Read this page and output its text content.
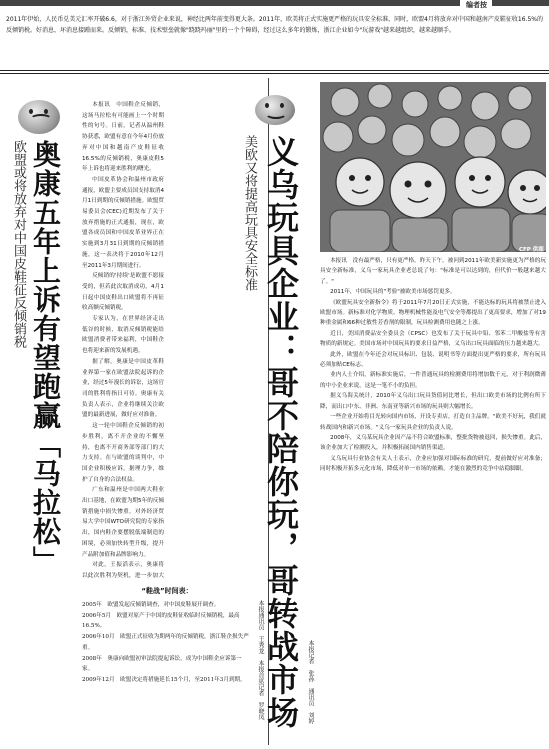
编者按
2011年伊始，人民币兑美元汇率开破6.6，对于浙江外贸企业来说，神经比两年前变得更大条。2011年，欧美将正式实施更严格的玩具安全标准，同时，欧盟4月将放弃对中国和越南产皮鞋征收16.5%的反倾销税。好消息，坏消息接踵而来。反倾销，标准、技术壁垒就像"跷跷玛丽"里的一个个障碍，经过这么多年的锻炼，浙江企业如今"玩游戏"越来越组织，越来越顺手。
欧盟或将放弃对中国皮鞋征反倾销税 奥康五年上诉有望跑赢「马拉松」

本报讯　中国鞋企反倾销，这场马拉松有可能画上一个时期性的句号。日前，记者从温州鞋协获悉，欧盟有意在今年4月份放弃对中国和越南产皮鞋征收16.5%的反倾销税，奥康皮鞋5年上诉也将迎来胜利的曙光。

中国皮革协会和温州市政府通报，欧盟主要成员国支持取消4月1日到期的反倾销措施。欧盟贸易委员会(CEC)近期发布了关于放弃措施的正式通报，现在，欧盟各成员国和中国皮革业界正在实施到3月31日到期的反倾销措施，这一表决将于2010年12月至2011年3月期间进行。

反倾销的'持续'是欧盟不愿接受的，但若此次取消成功，4月1日起中国皮鞋出口欧盟将不再征收高额反倾销税。

专家认为，在世界经济走出低谷的时候，取消反倾销税能给欧盟消费者带来福利，中国鞋企也将迎来新的发展机遇。

据了解，奥康是中国皮革鞋业界第一家在欧盟法院起诉的企业，经过5年漫长的诉讼，这场官司的胜利将指日可待。奥康有关负责人表示，企业将继续关注欧盟的最新进展，做好应对准备。

这一轮中国鞋企反倾销的初步胜利，离不开企业的不懈坚持，也离不开商务部等部门的大力支持。在与欧盟的谈判中，中国企业积极应诉，据理力争，维护了自身的合法权益。

广东和温州是中国两大鞋业出口基地，在欧盟为期5年的反倾销措施中损失惨重。对外经济贸易大学中国WTO研究院的专家指出，国内鞋企要摆脱低端制造的困境，必须加快转型升级，提升产品附加值和品牌影响力。

对此，王振滔表示，奥康将以此次胜利为契机，进一步加大

“鞋战”时间表：

2005年　欧盟发起反倾销调查，对中国皮鞋展开调查。

2006年5月　欧盟对原产于中国的皮鞋征收临时反倾销税，最高16.5%。

2006年10月　欧盟正式征收为期两年的反倾销税，浙江鞋企损失严重。

2008年　奥康向欧盟初审法院提起诉讼，成为中国鞋企应诉第一家。

2009年12月　欧盟决定将措施延长15个月，至2011年3月到期。	本报通讯员　王秀龙　本报首席记者　罗晓凤
美欧又将提高玩具安全标准 义乌玩具企业：哥不陪你玩，哥转战市场	CFP 供图

本报讯　没有最严格，只有更严格。昨天下午，被问到2011年欧美新实施更为严格的玩具安全新标准，义乌一家玩具企业老总说了句："标准是可以达到的，但代价一般越来越大了。"

2011年，中国玩具的"考验"被欧美市场惩罚更多。

《欧盟玩具安全新指令》将于2011年7月20日正式实施，不能达标的玩具将被禁止进入欧盟市场。新标准对化学物质、物理机械性能及电气安全等都提出了更高要求，增加了对19种重金属和66种过敏性芳香剂的限制，玩具检测费用也随之上涨。

近日，美国消费品安全委员会（CPSC）也发布了关于玩具中铅、邻苯二甲酸盐等有害物质的新规定。美国市场对中国玩具的要求日益严格，义乌出口玩具面临的压力越来越大。

此外，欧盟在今年还会对玩具标识、包装、说明书等方面提出更严格的要求，所有玩具必须加贴CE标志。

业内人士介绍，新标准实施后，一件普通玩具的检测费用将增加数千元，对于利润微薄的中小企业来说，这是一笔不小的负担。

据义乌海关统计，2010年义乌出口玩具货值同比增长，但出口欧美市场的比例有所下降，而出口中东、非洲、东南亚等新兴市场的玩具则大幅增长。

一些企业开始将目光转向国内市场，开设专卖店，打造自主品牌。"欧美不好玩，我们就转战国内和新兴市场。"义乌一家玩具企业的负责人说。

2008年，义乌某玩具企业因产品不符合欧盟标准，整批货物被退回，损失惨重。此后，该企业加大了检测投入，并积极拓展国内销售渠道。

义乌玩具行业协会有关人士表示，企业应加强对国际标准的研究，提前做好应对准备；同时积极开拓多元化市场，降低对单一市场的依赖，才能在激烈的竞争中站稳脚跟。

本报记者　张孙　通讯员　刘婷
